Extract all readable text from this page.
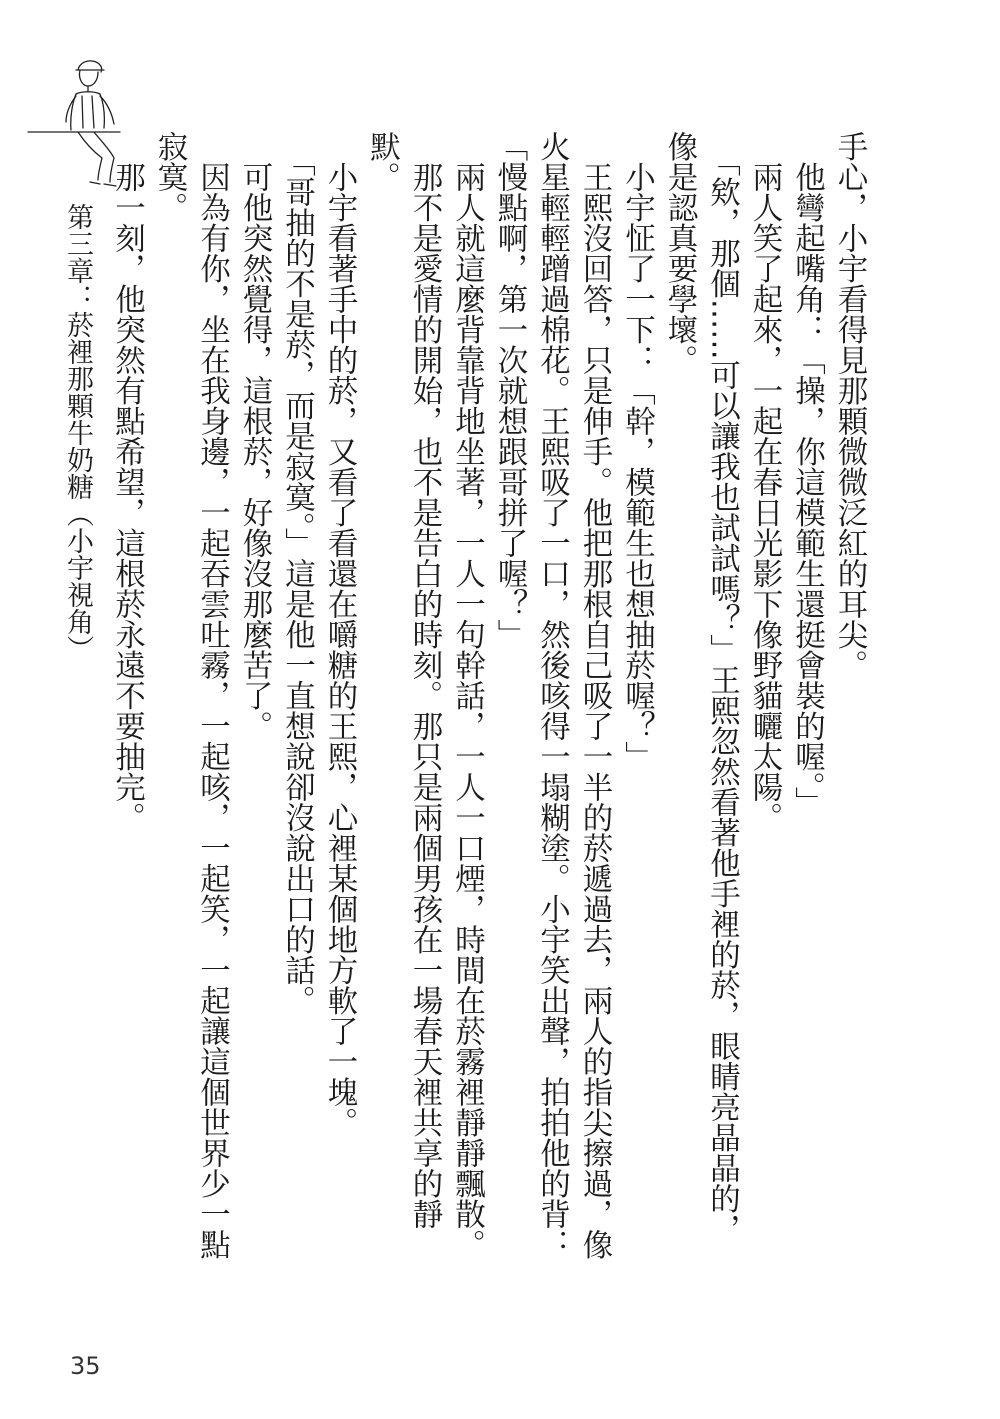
第三章：菸裡那顆牛奶糖（小宇視角）	手心，小宇看得見那顆微微泛紅的耳尖。

　他彎起嘴角：「操，你這模範生還挺會裝的喔。」

　兩人笑了起來，一起在春日光影下像野貓曬太陽。

　「欸，那個……可以讓我也試試嗎？」王熙忽然看著他手裡的菸，眼睛亮晶晶的，像是認真要學壞。

　小宇怔了一下：「幹，模範生也想抽菸喔？」

　王熙沒回答，只是伸手。他把那根自己吸了一半的菸遞過去，兩人的指尖擦過，像火星輕輕蹭過棉花。王熙吸了一口，然後咳得一塌糊塗。小宇笑出聲，拍拍他的背：「慢點啊，第一次就想跟哥拼了喔？」

　兩人就這麼背靠背地坐著，一人一句幹話，一人一口煙，時間在菸霧裡靜靜飄散。

　那不是愛情的開始，也不是告白的時刻。那只是兩個男孩在一場春天裡共享的靜默。

　小宇看著手中的菸，又看了看還在嚼糖的王熙，心裡某個地方軟了一塊。

　「哥抽的不是菸，而是寂寞。」這是他一直想說卻沒說出口的話。

　可他突然覺得，這根菸，好像沒那麼苦了。

　因為有你，坐在我身邊，一起吞雲吐霧，一起咳，一起笑，一起讓這個世界少一點寂寞。

　那一刻，他突然有點希望，這根菸永遠不要抽完。

35
